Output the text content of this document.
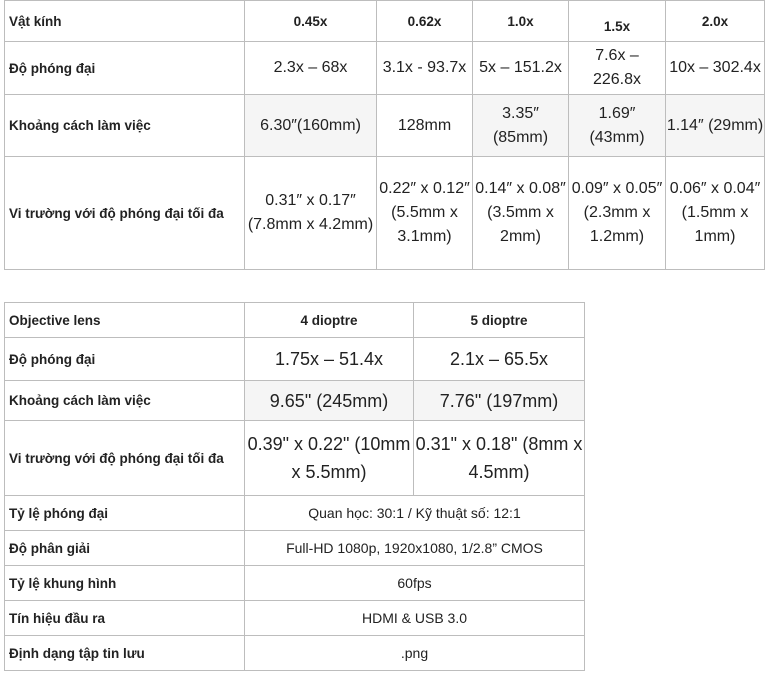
Vật kính	0.45x	0.62x	1.0x	1.5x	2.0x
Độ phóng đại	2.3x – 68x	3.1x - 93.7x	5x – 151.2x	7.6x – 226.8x	10x – 302.4x
Khoảng cách làm việc	6.30″(160mm)	128mm	3.35″ (85mm)	1.69″ (43mm)	1.14″ (29mm)
Vi trường với độ phóng đại tối đa	0.31″ x 0.17″ (7.8mm x 4.2mm)	0.22″ x 0.12″ (5.5mm x 3.1mm)	0.14″ x 0.08″ (3.5mm x 2mm)	0.09″ x 0.05″ (2.3mm x 1.2mm)	0.06″ x 0.04″ (1.5mm x 1mm)
Objective lens	4 dioptre	5 dioptre
Độ phóng đại	1.75x – 51.4x	2.1x – 65.5x
Khoảng cách làm việc	9.65" (245mm)	7.76" (197mm)
Vi trường với độ phóng đại tối đa	0.39" x 0.22" (10mm x 5.5mm)	0.31" x 0.18" (8mm x 4.5mm)
Tỷ lệ phóng đại	Quan học: 30:1 / Kỹ thuật số: 12:1	
Độ phân giải	Full-HD 1080p, 1920x1080, 1/2.8” CMOS	
Tỷ lệ khung hình	60fps	
Tín hiệu đầu ra	HDMI & USB 3.0	
Định dạng tập tin lưu	.png	
